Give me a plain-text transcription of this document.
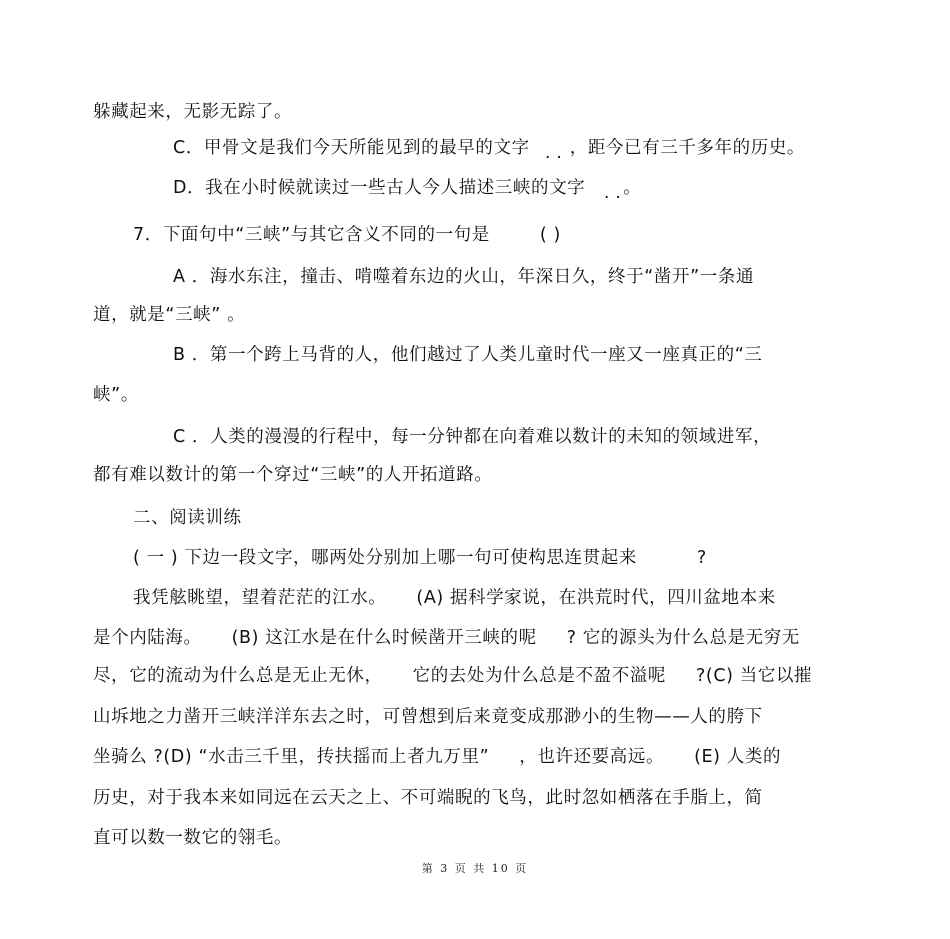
躲藏起来，无影无踪了。
C．甲骨文是我们今天所能见到的最早的文字 ，距今已有三千多年的历史。
..
D．我在小时候就读过一些古人今人描述三峡的文字 。
..
7．下面句中“三峡”与其它含义不同的一句是	( )
A ．海水东注，撞击、啃噬着东边的火山，年深日久，终于“凿开”一条通
道，就是“三峡” 。
B ．第一个跨上马背的人，他们越过了人类儿童时代一座又一座真正的“三
峡”。
C ．人类的漫漫的行程中，每一分钟都在向着难以数计的未知的领域进军，
都有难以数计的第一个穿过“三峡”的人开拓道路。
二、阅读训练
( 一 ) 下边一段文字，哪两处分别加上哪一句可使构思连贯起来	?
我凭舷眺望，望着茫茫的江水。 (A) 据科学家说，在洪荒时代，四川盆地本来
是个内陆海。 (B) 这江水是在什么时候凿开三峡的呢 ? 它的源头为什么总是无穷无
尽，它的流动为什么总是无止无休， 它的去处为什么总是不盈不溢呢 ?(C) 当它以摧
山坼地之力凿开三峡洋洋东去之时，可曾想到后来竟变成那渺小的生物——人的胯下
坐骑么 ?(D) “水击三千里，抟扶摇而上者九万里” ，也许还要高远。 (E) 人类的
历史，对于我本来如同远在云天之上、不可端睨的飞鸟，此时忽如栖落在手脂上，简
直可以数一数它的翎毛。
第 3 页 共 10 页
